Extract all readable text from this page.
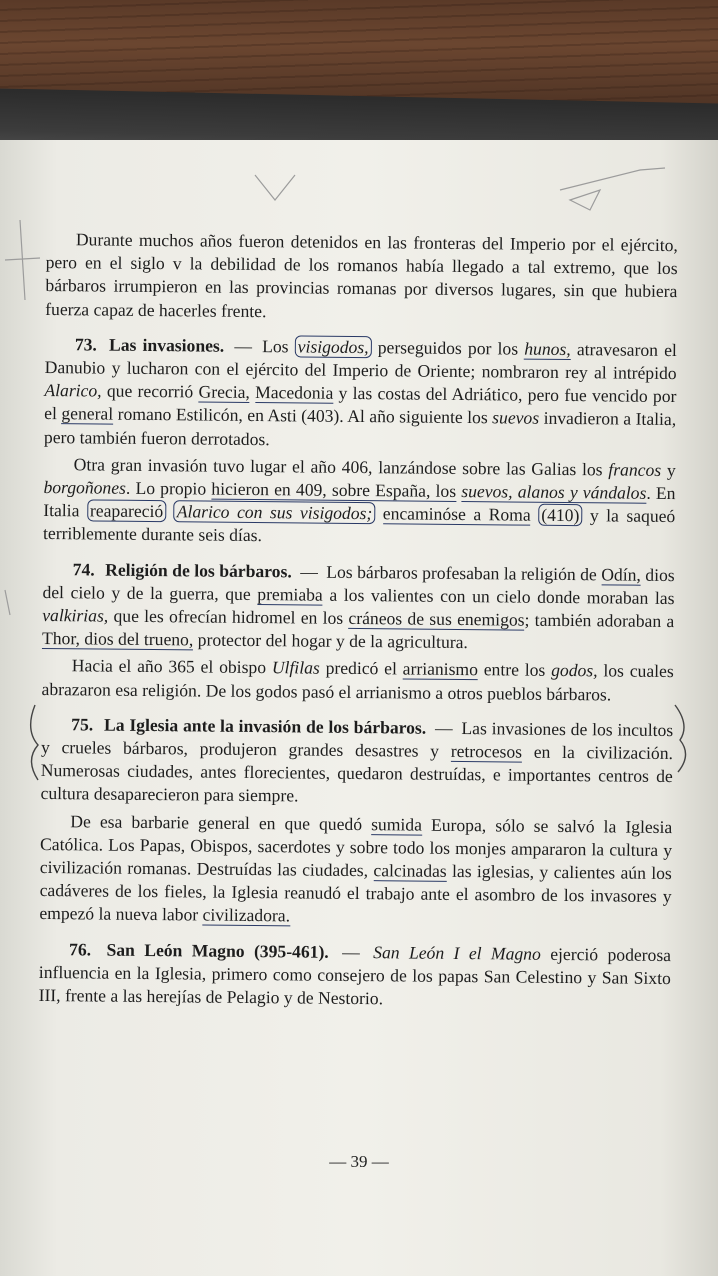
Durante muchos años fueron detenidos en las fronteras del Imperio por el ejército, pero en el siglo v la debilidad de los romanos había llegado a tal extremo, que los bárbaros irrumpieron en las provincias romanas por diversos lugares, sin que hubiera fuerza capaz de hacerles frente.

73. Las invasiones. — Los visigodos, perseguidos por los hunos, atravesaron el Danubio y lucharon con el ejército del Imperio de Oriente; nombraron rey al intrépido Alarico, que recorrió Grecia, Macedonia y las costas del Adriático, pero fue vencido por el general romano Estilicón, en Asti (403). Al año siguiente los suevos invadieron a Italia, pero también fueron derrotados.

Otra gran invasión tuvo lugar el año 406, lanzándose sobre las Galias los francos y borgoñones. Lo propio hicieron en 409, sobre España, los suevos, alanos y vándalos. En Italia reapareció Alarico con sus visigodos; encaminóse a Roma (410) y la saqueó terriblemente durante seis días.

74. Religión de los bárbaros. — Los bárbaros profesaban la religión de Odín, dios del cielo y de la guerra, que premiaba a los valientes con un cielo donde moraban las valkirias, que les ofrecían hidromel en los cráneos de sus enemigos; también adoraban a Thor, dios del trueno, protector del hogar y de la agricultura.

Hacia el año 365 el obispo Ulfilas predicó el arrianismo entre los godos, los cuales abrazaron esa religión. De los godos pasó el arrianismo a otros pueblos bárbaros.

75. La Iglesia ante la invasión de los bárbaros. — Las invasiones de los incultos y crueles bárbaros, produjeron grandes desastres y retrocesos en la civilización. Numerosas ciudades, antes florecientes, quedaron destruídas, e importantes centros de cultura desaparecieron para siempre.

De esa barbarie general en que quedó sumida Europa, sólo se salvó la Iglesia Católica. Los Papas, Obispos, sacerdotes y sobre todo los monjes ampararon la cultura y civilización romanas. Destruídas las ciudades, calcinadas las iglesias, y calientes aún los cadáveres de los fieles, la Iglesia reanudó el trabajo ante el asombro de los invasores y empezó la nueva labor civilizadora.

76. San León Magno (395-461). — San León I el Magno ejerció poderosa influencia en la Iglesia, primero como consejero de los papas San Celestino y San Sixto III, frente a las herejías de Pelagio y de Nestorio.

— 39 —
